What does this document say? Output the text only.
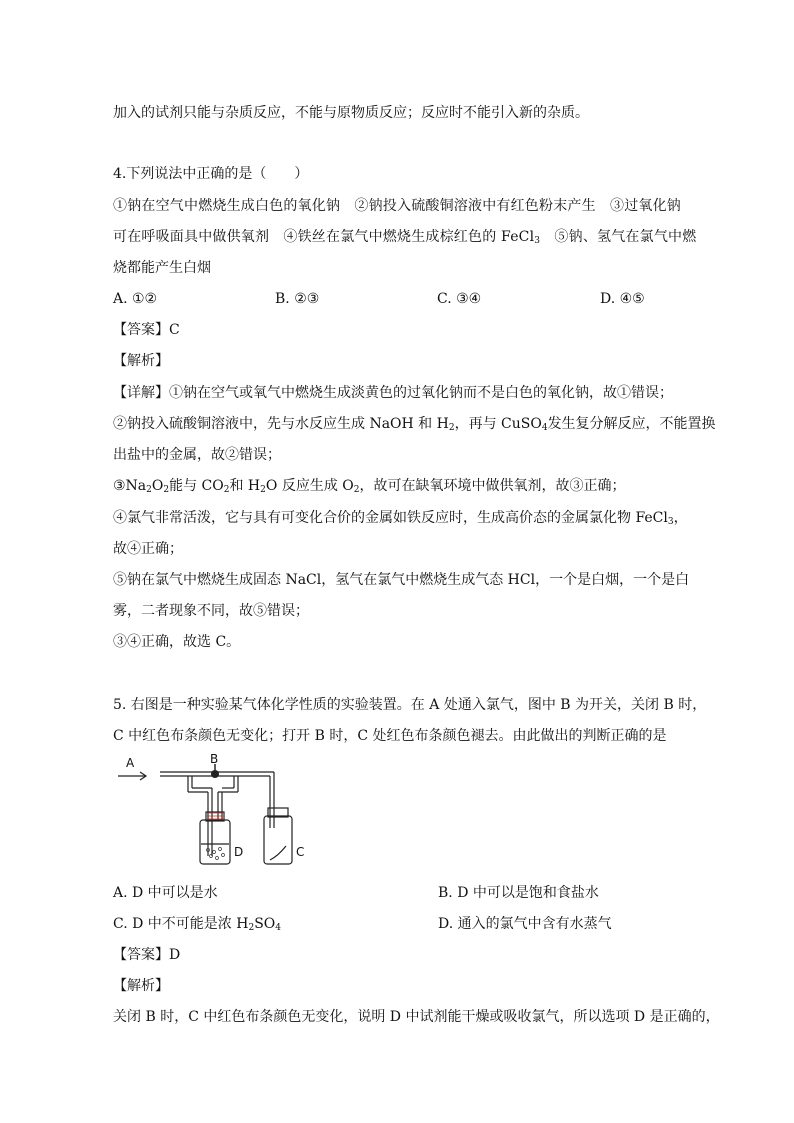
加入的试剂只能与杂质反应，不能与原物质反应；反应时不能引入新的杂质。
4.下列说法中正确的是（　　）
①钠在空气中燃烧生成白色的氧化钠　②钠投入硫酸铜溶液中有红色粉末产生　③过氧化钠
可在呼吸面具中做供氧剂　④铁丝在氯气中燃烧生成棕红色的 FeCl$_3$　⑤钠、氢气在氯气中燃
烧都能产生白烟
A. ①②	B. ②③	C. ③④	D. ④⑤
【答案】C
【解析】
【详解】①钠在空气或氧气中燃烧生成淡黄色的过氧化钠而不是白色的氧化钠，故①错误；
②钠投入硫酸铜溶液中，先与水反应生成 NaOH 和 $H_2$，再与 CuSO$_4$发生复分解反应，不能置换
出盐中的金属，故②错误；
$③Na_2O_2$能与 $CO_2$和 $H_2O$ 反应生成 $O_2$，故可在缺氧环境中做供氧剂，故③正确；
④氯气非常活泼，它与具有可变化合价的金属如铁反应时，生成高价态的金属氯化物 FeCl$_3$，
故④正确；
⑤钠在氯气中燃烧生成固态 NaCl，氢气在氯气中燃烧生成气态 HCl，一个是白烟，一个是白
雾，二者现象不同，故⑤错误；
③④正确，故选 C。
5. 右图是一种实验某气体化学性质的实验装置。在 A 处通入氯气，图中 B 为开关，关闭 B 时，
C 中红色布条颜色无变化；打开 B 时，C 处红色布条颜色褪去。由此做出的判断正确的是
A	B
D	C
A. D 中可以是水	B. D 中可以是饱和食盐水
C. D 中不可能是浓 $H_2SO_4$	D. 通入的氯气中含有水蒸气
【答案】D
【解析】
关闭 B 时，C 中红色布条颜色无变化，说明 D 中试剂能干燥或吸收氯气，所以选项 D 是正确的，
